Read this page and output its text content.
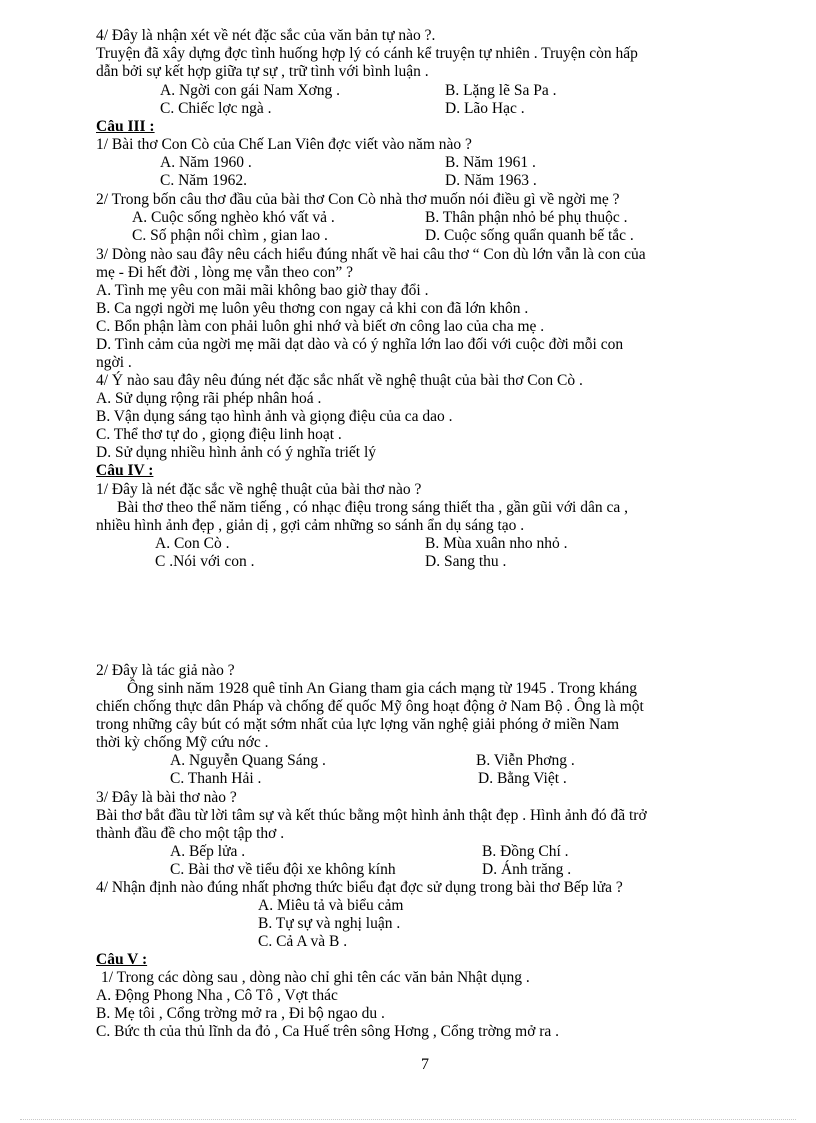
4/ Đây là nhận xét về nét đặc sắc của văn bản tự nào ?.
Truyện đã xây dựng đợc tình huống hợp lý có cánh kể truyện tự nhiên . Truyện còn hấp
dẫn bởi sự kết hợp giữa tự sự , trữ tình với bình luận .
A. Ngời con gái Nam Xơng .	B. Lặng lẽ Sa Pa .
C. Chiếc lợc ngà .	D. Lão Hạc .
Câu III :
1/ Bài thơ Con Cò của Chế Lan Viên đợc viết vào năm nào ?
A. Năm 1960 .	B. Năm 1961 .
C. Năm 1962.	D. Năm 1963 .
2/ Trong bốn câu thơ đầu của bài thơ Con Cò nhà thơ muốn nói điều gì về ngời mẹ ?
A. Cuộc sống nghèo khó vất vả .	B. Thân phận nhỏ bé phụ thuộc .
C. Số phận nổi chìm , gian lao .	D. Cuộc sống quẩn quanh bế tắc .
3/ Dòng nào sau đây nêu cách hiểu đúng nhất về hai câu thơ “ Con dù lớn vẫn là con của
mẹ - Đi hết đời , lòng mẹ vẫn theo con” ?
A. Tình mẹ yêu con mãi mãi không bao giờ thay đổi .
B. Ca ngợi ngời mẹ luôn yêu thơng con ngay cả khi con đã lớn khôn .
C. Bổn phận làm con phải luôn ghi nhớ và biết ơn công lao của cha mẹ .
D. Tình cảm của ngời mẹ mãi dạt dào và có ý nghĩa lớn lao đối với cuộc đời mỗi con
ngời .
4/ Ý nào sau đây nêu đúng nét đặc sắc nhất về nghệ thuật của bài thơ Con Cò .
A. Sử dụng rộng rãi phép nhân hoá .
B. Vận dụng sáng tạo hình ảnh và giọng điệu của ca dao .
C. Thể thơ tự do , giọng điệu linh hoạt .
D. Sử dụng nhiều hình ảnh có ý nghĩa triết lý
Câu IV :
1/ Đây là nét đặc sắc về nghệ thuật của bài thơ nào ?
Bài thơ theo thể năm tiếng , có nhạc điệu trong sáng thiết tha , gần gũi với dân ca ,
nhiều hình ảnh đẹp , giản dị , gợi cảm những so sánh ẩn dụ sáng tạo .
A. Con Cò .	B. Mùa xuân nho nhỏ .
C .Nói với con .	D. Sang thu .
2/ Đây là tác giả nào ?
Ông sinh năm 1928 quê tỉnh An Giang tham gia cách mạng từ 1945 . Trong kháng
chiến chống thực dân Pháp và chống đế quốc Mỹ ông hoạt động ở Nam Bộ . Ông là một
trong những cây bút có mặt sớm nhất của lực lợng văn nghệ giải phóng ở miền Nam
thời kỳ chống Mỹ cứu nớc .
A. Nguyễn Quang Sáng .	B. Viễn Phơng .
C. Thanh Hải .	D. Bằng Việt .
3/ Đây là bài thơ nào ?
Bài thơ bắt đầu từ lời tâm sự và kết thúc bằng một hình ảnh thật đẹp . Hình ảnh đó đã trở
thành đầu đề cho một tập thơ .
A. Bếp lửa .	B. Đồng Chí .
C. Bài thơ về tiểu đội xe không kính	D. Ánh trăng .
4/ Nhận định nào đúng nhất phơng thức biểu đạt đợc sử dụng trong bài thơ Bếp lửa ?
A. Miêu tả và biểu cảm
B. Tự sự và nghị luận .
C. Cả A và B .
Câu V :
1/ Trong các dòng sau , dòng nào chỉ ghi tên các văn bản Nhật dụng .
A. Động Phong Nha , Cô Tô , Vợt thác
B. Mẹ tôi , Cổng trờng mở ra , Đi bộ ngao du .
C. Bức th của thủ lĩnh da đỏ , Ca Huế trên sông Hơng , Cổng trờng mở ra .
7
